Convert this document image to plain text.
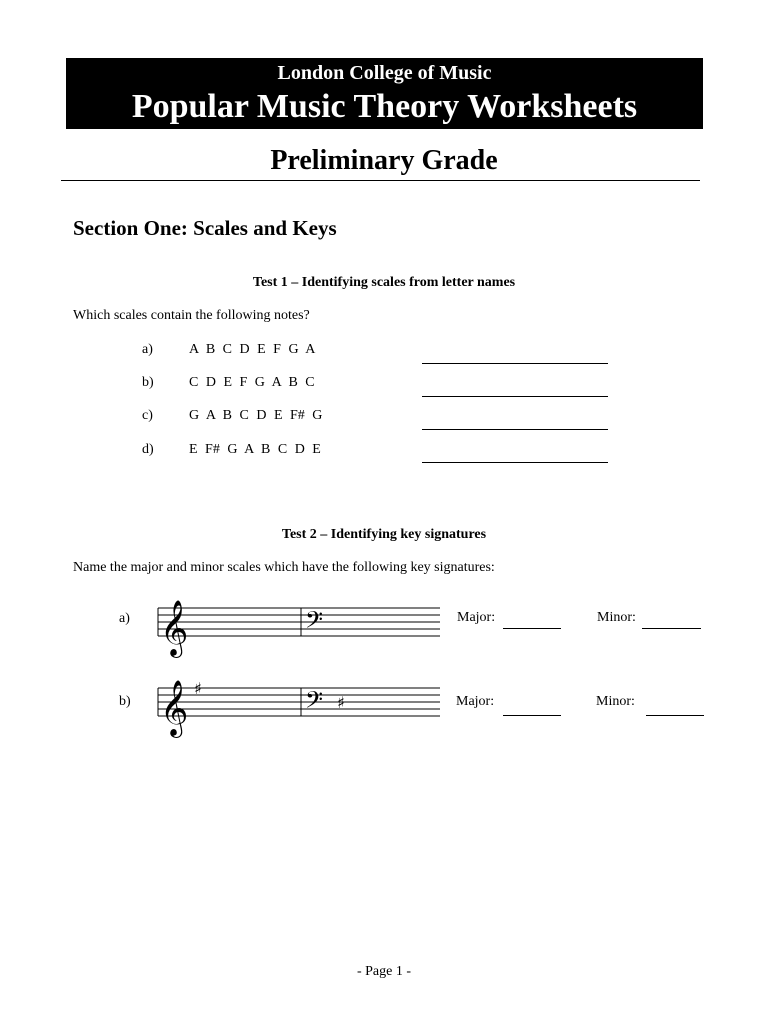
London College of Music
Popular Music Theory Worksheets
Preliminary Grade
Section One: Scales and Keys
Test 1 – Identifying scales from letter names
Which scales contain the following notes?
a)	A B C D E F G A
b)	C D E F G A B C
c)	G A B C D E F# G
d)	E F# G A B C D E
Test 2 – Identifying key signatures
Name the major and minor scales which have the following key signatures:
a) 𝄞	𝄢	Major:	Minor:
b) 𝄞 ♯	𝄢 ♯	Major:	Minor:
- Page 1 -
